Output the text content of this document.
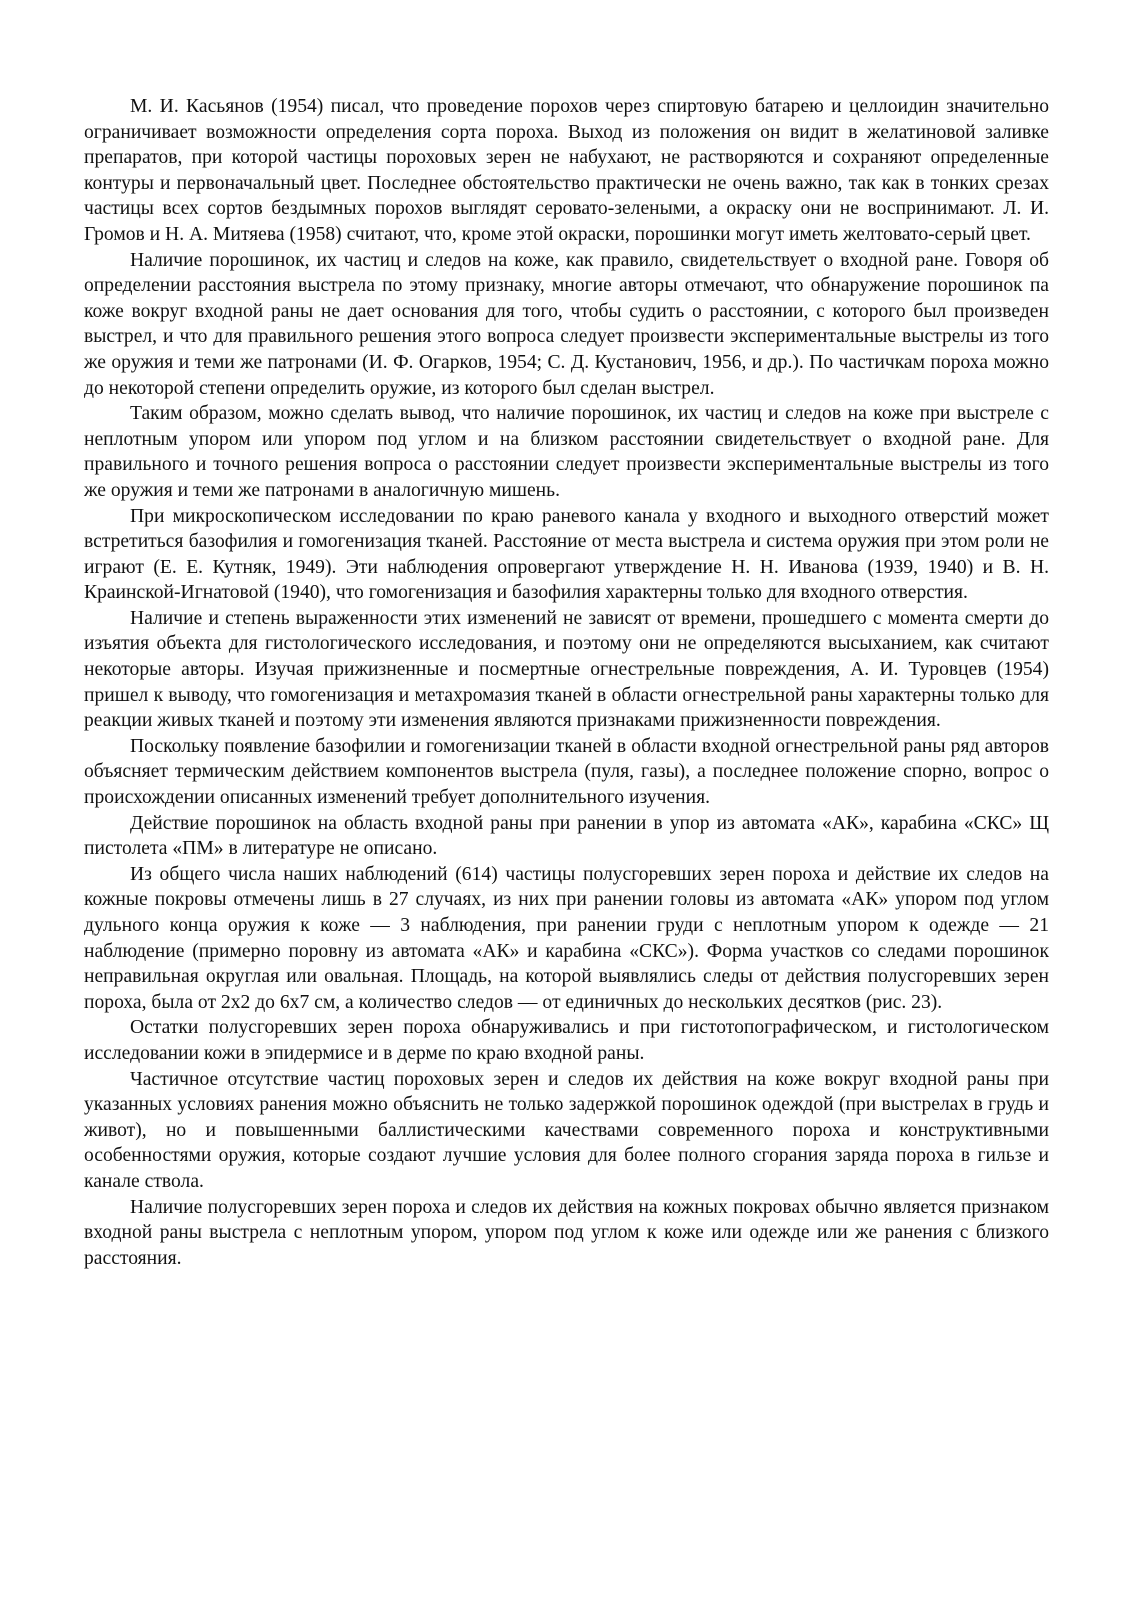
М. И. Касьянов (1954) писал, что проведение порохов через спиртовую батарею и целлоидин значительно ограничивает возможности определения сорта пороха. Выход из положения он видит в желатиновой заливке препаратов, при которой частицы пороховых зерен не набухают, не растворяются и сохраняют определенные контуры и первоначальный цвет. Последнее обстоятельство практически не очень важно, так как в тонких срезах частицы всех сортов бездымных порохов выглядят серовато-зелеными, а окраску они не воспринимают. Л. И. Громов и Н. А. Митяева (1958) считают, что, кроме этой окраски, порошинки могут иметь желтовато-серый цвет.

Наличие порошинок, их частиц и следов на коже, как правило, свидетельствует о входной ране. Говоря об определении расстояния выстрела по этому признаку, многие авторы отмечают, что обнаружение порошинок па коже вокруг входной раны не дает основания для того, чтобы судить о расстоянии, с которого был произведен выстрел, и что для правильного решения этого вопроса следует произвести экспериментальные выстрелы из того же оружия и теми же патронами (И. Ф. Огарков, 1954; С. Д. Кустанович, 1956, и др.). По частичкам пороха можно до некоторой степени определить оружие, из которого был сделан выстрел.

Таким образом, можно сделать вывод, что наличие порошинок, их частиц и следов на коже при выстреле с неплотным упором или упором под углом и на близком расстоянии свидетельствует о входной ране. Для правильного и точного решения вопроса о расстоянии следует произвести экспериментальные выстрелы из того же оружия и теми же патронами в аналогичную мишень.

При микроскопическом исследовании по краю раневого канала у входного и выходного отверстий может встретиться базофилия и гомогенизация тканей. Расстояние от места выстрела и система оружия при этом роли не играют (Е. Е. Кутняк, 1949). Эти наблюдения опровергают утверждение Н. Н. Иванова (1939, 1940) и В. Н. Краинской-Игнатовой (1940), что гомогенизация и базофилия характерны только для входного отверстия.

Наличие и степень выраженности этих изменений не зависят от времени, прошедшего с момента смерти до изъятия объекта для гистологического исследования, и поэтому они не определяются высыханием, как считают некоторые авторы. Изучая прижизненные и посмертные огнестрельные повреждения, А. И. Туровцев (1954) пришел к выводу, что гомогенизация и метахромазия тканей в области огнестрельной раны характерны только для реакции живых тканей и поэтому эти изменения являются признаками прижизненности повреждения.

Поскольку появление базофилии и гомогенизации тканей в области входной огнестрельной раны ряд авторов объясняет термическим действием компонентов выстрела (пуля, газы), а последнее положение спорно, вопрос о происхождении описанных изменений требует дополнительного изучения.

Действие порошинок на область входной раны при ранении в упор из автомата «АК», карабина «СКС» Щ пистолета «ПМ» в литературе не описано.

Из общего числа наших наблюдений (614) частицы полусгоревших зерен пороха и действие их следов на кожные покровы отмечены лишь в 27 случаях, из них при ранении головы из автомата «АК» упором под углом дульного конца оружия к коже — 3 наблюдения, при ранении груди с неплотным упором к одежде — 21 наблюдение (примерно поровну из автомата «АК» и карабина «СКС»). Форма участков со следами порошинок неправильная округлая или овальная. Площадь, на которой выявлялись следы от действия полусгоревших зерен пороха, была от 2х2 до 6х7 см, а количество следов — от единичных до нескольких десятков (рис. 23).

Остатки полусгоревших зерен пороха обнаруживались и при гистотопографическом, и гистологическом исследовании кожи в эпидермисе и в дерме по краю входной раны.

Частичное отсутствие частиц пороховых зерен и следов их действия на коже вокруг входной раны при указанных условиях ранения можно объяснить не только задержкой порошинок одеждой (при выстрелах в грудь и живот), но и повышенными баллистическими качествами современного пороха и конструктивными особенностями оружия, которые создают лучшие условия для более полного сгорания заряда пороха в гильзе и канале ствола.

Наличие полусгоревших зерен пороха и следов их действия на кожных покровах обычно является признаком входной раны выстрела с неплотным упором, упором под углом к коже или одежде или же ранения с близкого расстояния.
